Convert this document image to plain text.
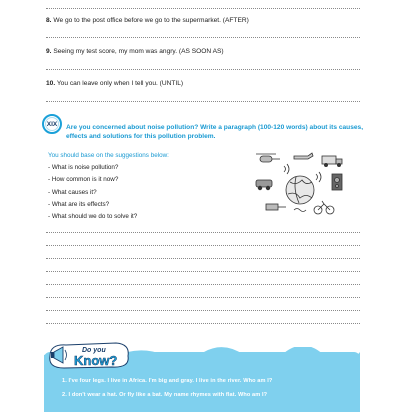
8. We go to the post office before we go to the supermarket. (AFTER)
9. Seeing my test score, my mom was angry. (AS SOON AS)
10. You can leave only when I tell you. (UNTIL)
XIX	Are you concerned about noise pollution? Write a paragraph (100-120 words) about its causes, effects and solutions for this pollution problem.
You should base on the suggestions below:
- What is noise pollution?
- How common is it now?
- What causes it?
- What are its effects?
- What should we do to solve it?
Do you
Know?
1. I've four legs. I live in Africa. I'm big and gray. I live in the river. Who am I?
2. I don't wear a hat. Or fly like a bat. My name rhymes with flat. Who am I?
